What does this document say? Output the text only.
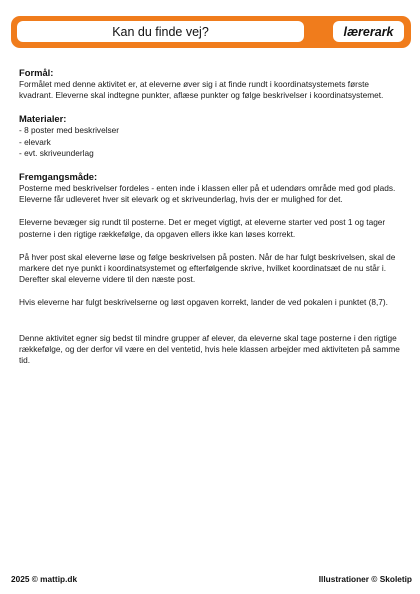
Kan du finde vej?	lærerark
Formål:

Formålet med denne aktivitet er, at eleverne øver sig i at finde rundt i koordinatsystemets første kvadrant. Eleverne skal indtegne punkter, aflæse punkter og følge beskrivelser i koordinatsystemet.

Materialer:
- 8 poster med beskrivelser
- elevark
- evt. skriveunderlag
Fremgangsmåde:

Posterne med beskrivelser fordeles - enten inde i klassen eller på et udendørs område med god plads. Eleverne får udleveret hver sit elevark og et skriveunderlag, hvis der er mulighed for det.

Eleverne bevæger sig rundt til posterne. Det er meget vigtigt, at eleverne starter ved post 1 og tager posterne i den rigtige rækkefølge, da opgaven ellers ikke kan løses korrekt.

På hver post skal eleverne løse og følge beskrivelsen på posten. Når de har fulgt beskrivelsen, skal de markere det nye punkt i koordinatsystemet og efterfølgende skrive, hvilket koordinatsæt de nu står i. Derefter skal eleverne videre til den næste post.

Hvis eleverne har fulgt beskrivelserne og løst opgaven korrekt, lander de ved pokalen i punktet (8,7).

Denne aktivitet egner sig bedst til mindre grupper af elever, da eleverne skal tage posterne i den rigtige rækkefølge, og der derfor vil være en del ventetid, hvis hele klassen arbejder med aktiviteten på samme tid.

2025 © mattip.dk	Illustrationer © Skoletip
